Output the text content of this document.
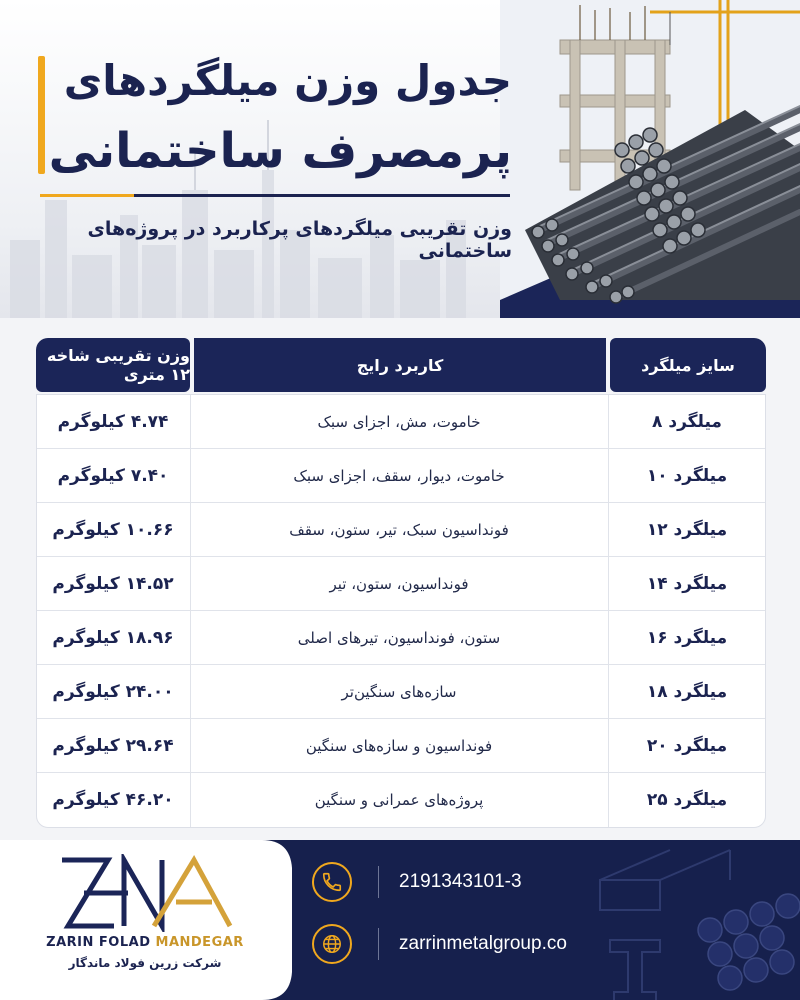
جدول وزن میلگردهای
پرمصرف ساختمانی
وزن تقریبی میلگردهای پرکاربرد در پروژه‌های ساختمانی
سایز میلگرد
کاربرد رایج
وزن تقریبی شاخه ۱۲ متری
میلگرد ۸
خاموت، مش، اجزای سبک
۴.۷۴ کیلوگرم
میلگرد ۱۰
خاموت، دیوار، سقف، اجزای سبک
۷.۴۰ کیلوگرم
میلگرد ۱۲
فونداسیون سبک، تیر، ستون، سقف
۱۰.۶۶ کیلوگرم
میلگرد ۱۴
فونداسیون، ستون، تیر
۱۴.۵۲ کیلوگرم
میلگرد ۱۶
ستون، فونداسیون، تیرهای اصلی
۱۸.۹۶ کیلوگرم
میلگرد ۱۸
سازه‌های سنگین‌تر
۲۴.۰۰ کیلوگرم
میلگرد ۲۰
فونداسیون و سازه‌های سنگین
۲۹.۶۴ کیلوگرم
میلگرد ۲۵
پروژه‌های عمرانی و سنگین
۴۶.۲۰ کیلوگرم
ZARIN FOLAD MANDEGAR
شرکت زرین فولاد ماندگار
2191343101-3
zarrinmetalgroup.co
